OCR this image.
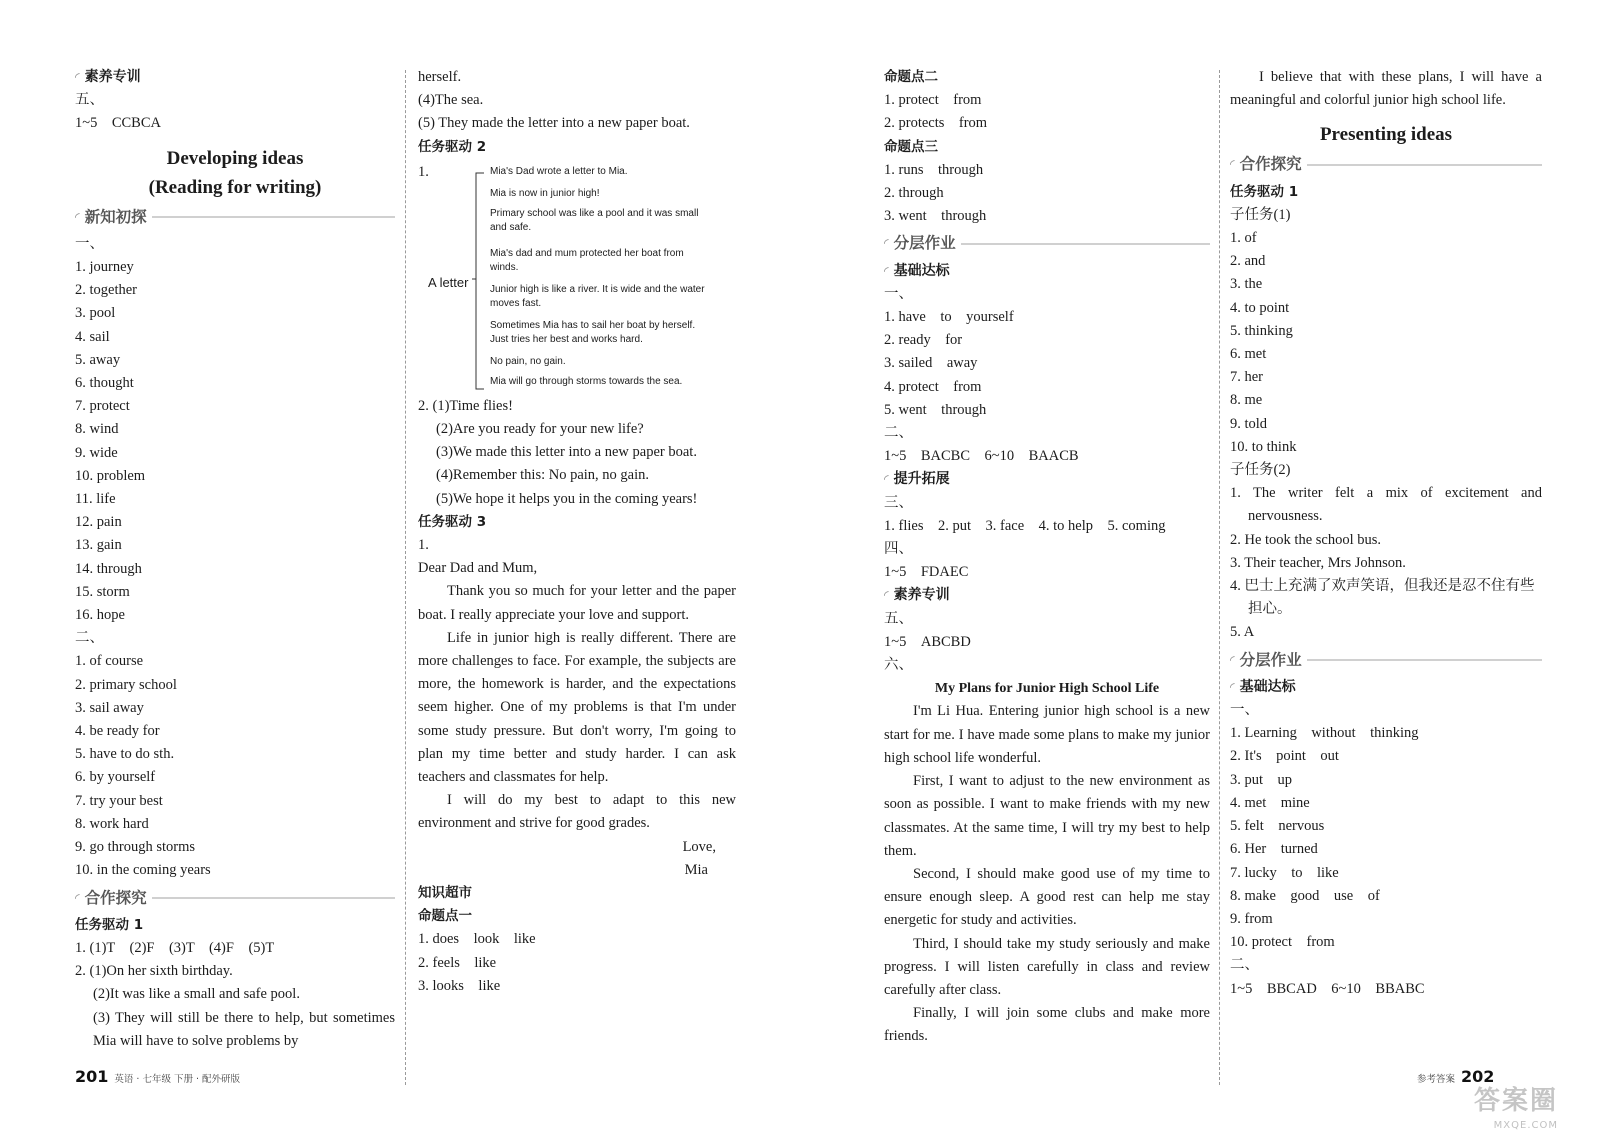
◜ 素养专训
五、
1~5　CCBCA
Developing ideas
(Reading for writing)
◜ 新知初探
一、
1. journey
2. together
3. pool
4. sail
5. away
6. thought
7. protect
8. wind
9. wide
10. problem
11. life
12. pain
13. gain
14. through
15. storm
16. hope
二、
1. of course
2. primary school
3. sail away
4. be ready for
5. have to do sth.
6. by yourself
7. try your best
8. work hard
9. go through storms
10. in the coming years
◜ 合作探究
任务驱动 1
1. (1)T　(2)F　(3)T　(4)F　(5)T
2. (1)On her sixth birthday.
(2)It was like a small and safe pool.
(3) They will still be there to help, but sometimes Mia will have to solve problems by
herself.
(4)The sea.
(5) They made the letter into a new paper boat.
任务驱动 2
1.
A letter
Mia's Dad wrote a letter to Mia.
Mia is now in junior high!
Primary school was like a pool and it was small and safe.
Mia's dad and mum protected her boat from winds.
Junior high is like a river. It is wide and the water moves fast.
Sometimes Mia has to sail her boat by herself. Just tries her best and works hard.
No pain, no gain.
Mia will go through storms towards the sea.
2. (1)Time flies!
(2)Are you ready for your new life?
(3)We made this letter into a new paper boat.
(4)Remember this: No pain, no gain.
(5)We hope it helps you in the coming years!
任务驱动 3
1.
Dear Dad and Mum,

Thank you so much for your letter and the paper boat. I really appreciate your love and support.

Life in junior high is really different. There are more challenges to face. For example, the subjects are more, the homework is harder, and the expectations seem higher. One of my problems is that I'm under some study pressure. But don't worry, I'm going to plan my time better and study harder. I can ask teachers and classmates for help.

I will do my best to adapt to this new environment and strive for good grades.

Love,
Mia
知识超市
命题点一
1. does　look　like
2. feels　like
3. looks　like
命题点二
1. protect　from
2. protects　from
命题点三
1. runs　through
2. through
3. went　through
◜ 分层作业
◜ 基础达标
一、
1. have　to　yourself
2. ready　for
3. sailed　away
4. protect　from
5. went　through
二、
1~5　BACBC　6~10　BAACB
◜ 提升拓展
三、
1. flies　2. put　3. face　4. to help　5. coming
四、
1~5　FDAEC
◜ 素养专训
五、
1~5　ABCBD
六、
My Plans for Junior High School Life

I'm Li Hua. Entering junior high school is a new start for me. I have made some plans to make my junior high school life wonderful.

First, I want to adjust to the new environment as soon as possible. I want to make friends with my new classmates. At the same time, I will try my best to help them.

Second, I should make good use of my time to ensure enough sleep. A good rest can help me stay energetic for study and activities.

Third, I should take my study seriously and make progress. I will listen carefully in class and review carefully after class.

Finally, I will join some clubs and make more friends.

I believe that with these plans, I will have a meaningful and colorful junior high school life.

Presenting ideas
◜ 合作探究
任务驱动 1
子任务(1)
1. of
2. and
3. the
4. to point
5. thinking
6. met
7. her
8. me
9. told
10. to think
子任务(2)
1. The writer felt a mix of excitement and nervousness.
2. He took the school bus.
3. Their teacher, Mrs Johnson.
4. 巴士上充满了欢声笑语，但我还是忍不住有些担心。
5. A
◜ 分层作业
◜ 基础达标
一、
1. Learning　without　thinking
2. It's　point　out
3. put　up
4. met　mine
5. felt　nervous
6. Her　turned
7. lucky　to　like
8. make　good　use　of
9. from
10. protect　from
二、
1~5　BBCAD　6~10　BBABC
201 英语 · 七年级 下册 · 配外研版	参考答案 202
答案圈
MXQE.COM
